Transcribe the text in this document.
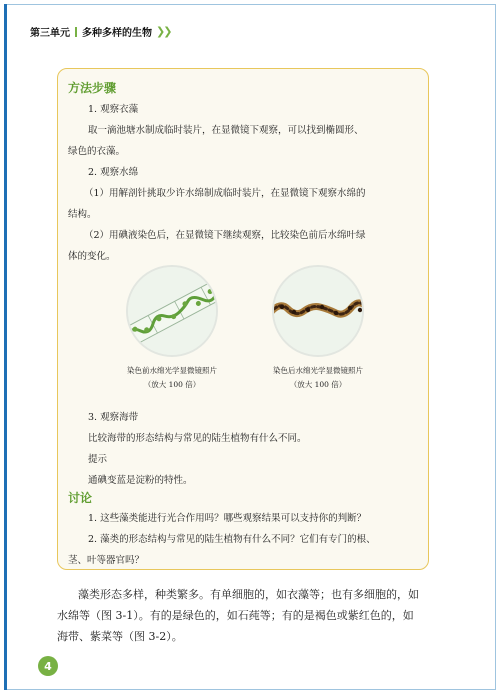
第三单元 多种多样的生物 ❯❯
方法步骤
1. 观察衣藻
取一滴池塘水制成临时装片，在显微镜下观察，可以找到椭圆形、
绿色的衣藻。
2. 观察水绵
（1）用解剖针挑取少许水绵制成临时装片，在显微镜下观察水绵的
结构。
（2）用碘液染色后，在显微镜下继续观察，比较染色前后水绵叶绿
体的变化。
染色前水绵光学显微镜照片
（放大 100 倍）
染色后水绵光学显微镜照片
（放大 100 倍）
3. 观察海带
比较海带的形态结构与常见的陆生植物有什么不同。
提示
通碘变蓝是淀粉的特性。
讨论
1. 这些藻类能进行光合作用吗？哪些观察结果可以支持你的判断？
2. 藻类的形态结构与常见的陆生植物有什么不同？它们有专门的根、
茎、叶等器官吗？
藻类形态多样，种类繁多。有单细胞的，如衣藻等；也有多细胞的，如
水绵等（图 3-1）。有的是绿色的，如石莼等；有的是褐色或紫红色的，如
海带、紫菜等（图 3-2）。
4
